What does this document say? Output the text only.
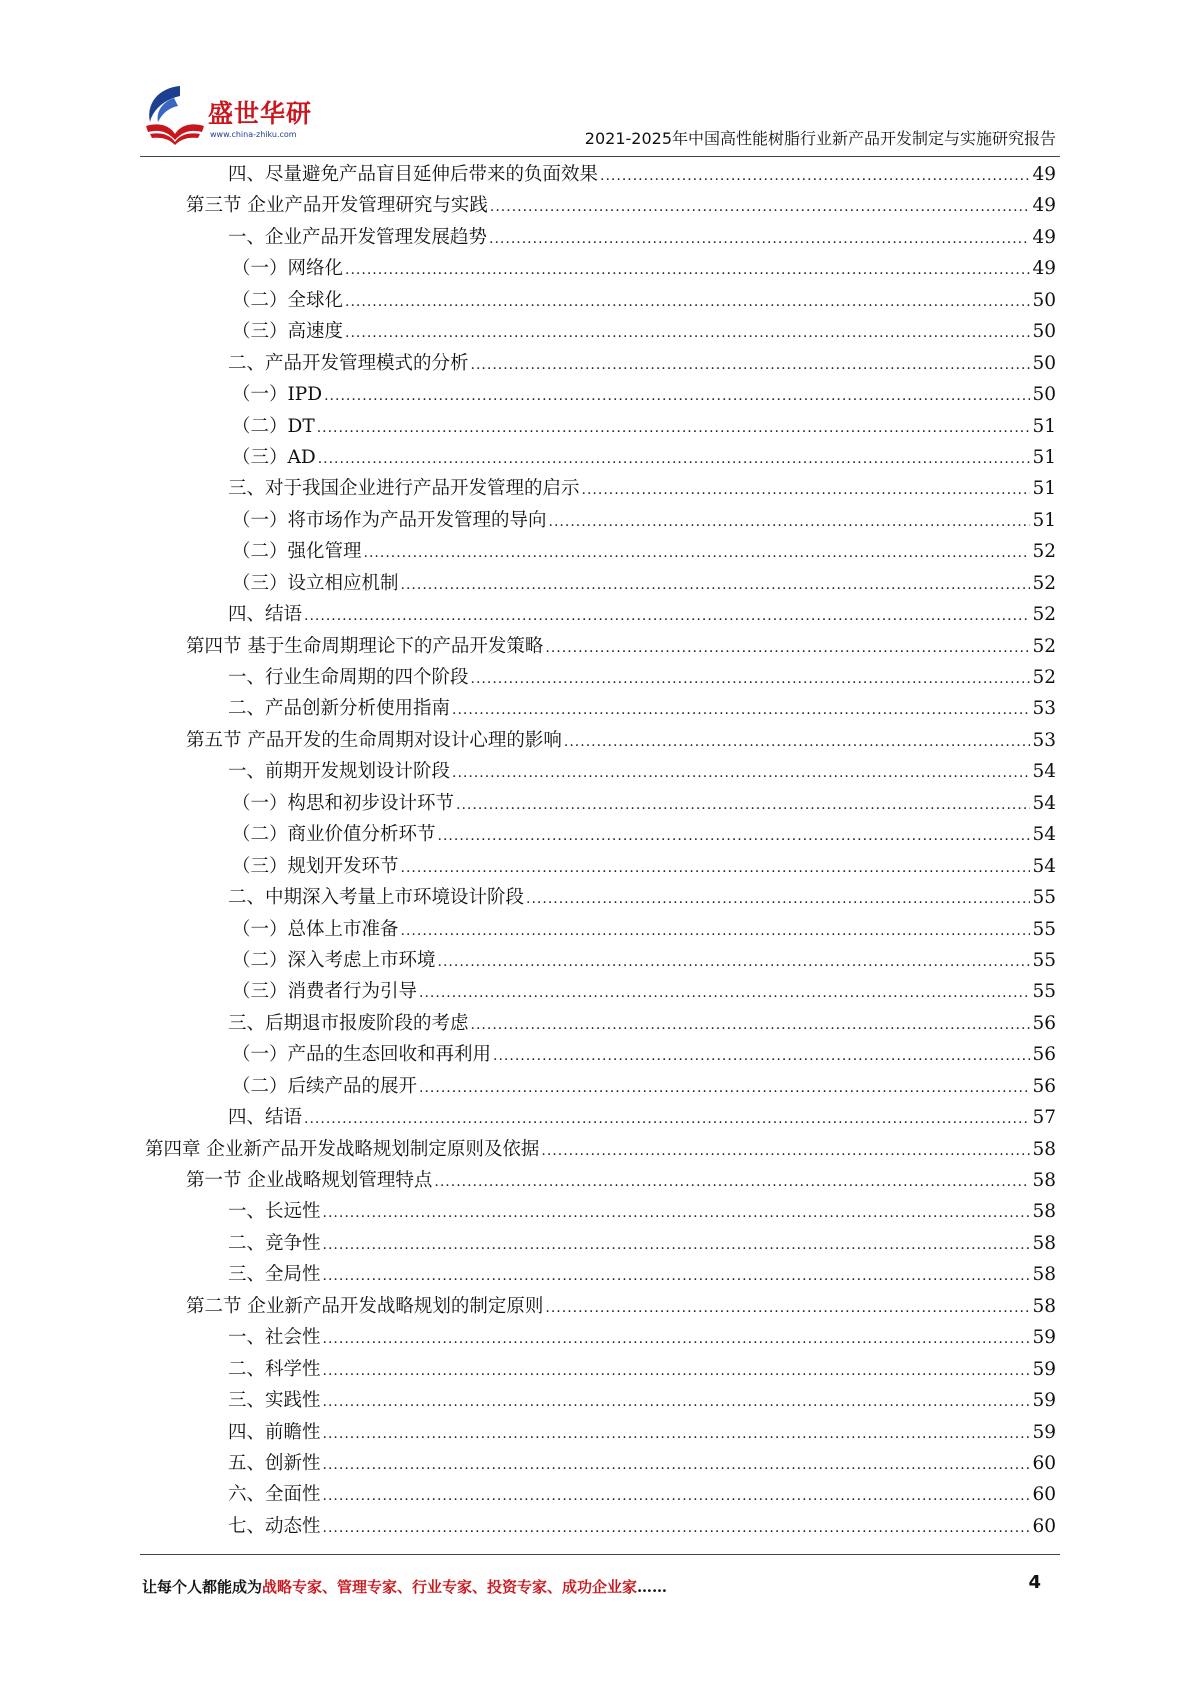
盛世华研
www.china-zhiku.com	2021-2025年中国高性能树脂行业新产品开发制定与实施研究报告
四、尽量避免产品盲目延伸后带来的负面效果 .....	49
第三节 企业产品开发管理研究与实践 .....	49
一、企业产品开发管理发展趋势 .....	49
（一）网络化 .....	49
（二）全球化 .....	50
（三）高速度 .....	50
二、产品开发管理模式的分析 .....	50
（一）IPD .....	50
（二）DT .....	51
（三）AD .....	51
三、对于我国企业进行产品开发管理的启示 .....	51
（一）将市场作为产品开发管理的导向 .....	51
（二）强化管理 .....	52
（三）设立相应机制 .....	52
四、结语 .....	52
第四节 基于生命周期理论下的产品开发策略 .....	52
一、行业生命周期的四个阶段 .....	52
二、产品创新分析使用指南 .....	53
第五节 产品开发的生命周期对设计心理的影响 .....	53
一、前期开发规划设计阶段 .....	54
（一）构思和初步设计环节 .....	54
（二）商业价值分析环节 .....	54
（三）规划开发环节 .....	54
二、中期深入考量上市环境设计阶段 .....	55
（一）总体上市准备 .....	55
（二）深入考虑上市环境 .....	55
（三）消费者行为引导 .....	55
三、后期退市报废阶段的考虑 .....	56
（一）产品的生态回收和再利用 .....	56
（二）后续产品的展开 .....	56
四、结语 .....	57
第四章 企业新产品开发战略规划制定原则及依据 .....	58
第一节 企业战略规划管理特点 .....	58
一、长远性 .....	58
二、竞争性 .....	58
三、全局性 .....	58
第二节 企业新产品开发战略规划的制定原则 .....	58
一、社会性 .....	59
二、科学性 .....	59
三、实践性 .....	59
四、前瞻性 .....	59
五、创新性 .....	60
六、全面性 .....	60
七、动态性 .....	60
让每个人都能成为战略专家、管理专家、行业专家、投资专家、成功企业家……	4
